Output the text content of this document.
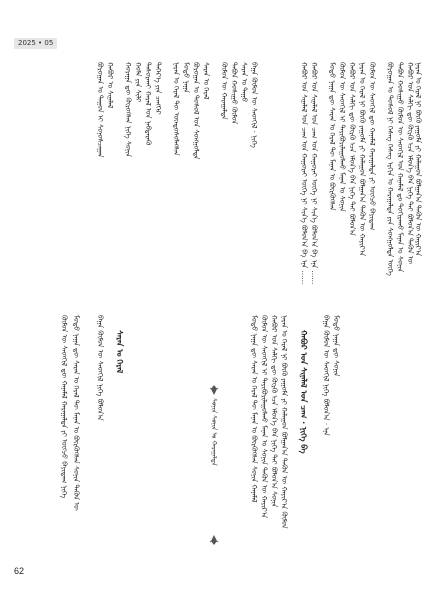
2025 • 05
62
ᠪᠣᠷᠣᠭᠠᠨ ᠤ ᠳᠠᠭᠤᠨ ᠢ ᠰᠣᠨᠣᠰᠴᠠᠭᠠᠨ ᠬᠠᠪᠤᠷ ᠤ ᠰᠢᠨᠡᠯᠡᠯ ᠬᠣᠷᠠᠭᠠ ᠳᠦ ᠬᠦᠷᠦᠭᠰᠡᠨ ᠨᠢᠭᠡ ᠰᠣᠨᠢᠨ ᠬᠣᠯᠠ ᠶᠢᠨ ᠰᠢᠯᠢ ᠲᠠᠰᠤᠷᠬᠠᠢ ᠬᠠᠷᠠᠯ ᠤᠨ ᠨᠡᠪᠲᠡᠷᠡᠬᠦ ᠳᠡᠭᠡᠷ᠎ᠡ ᠶᠢᠨ ᠴᠡᠩᠬᠡᠷ ᠨᠠᠷᠠᠨ ᠤ ᠭᠡᠷᠡᠯ ᠲᠦ ᠦᠨᠳᠦᠰᠦᠯᠡᠭᠰᠡᠨ ᠮᠣᠳᠣ ᠨᠠᠭᠠ ᠪᠣᠷᠣᠭᠠᠨ ᠤ ᠳᠤᠰᠤᠯ ᠤᠨ ᠰᠣᠩᠭᠣᠯᠲᠠ ᠰᠠᠷᠠᠨ ᠤ ᠭᠡᠷᠡᠯ ᠬᠦᠮᠦᠨ ᠦ ᠬᠠᠷᠠᠭᠠᠯᠲᠠ ᠲᠠᠪᠤᠨ ᠬᠣᠰᠢᠭᠤ ᠬᠦᠮᠦᠨ ᠰᠠᠷᠠᠨ ᠤ ᠳᠠᠭᠤ ᠪᠠᠭᠠ ᠬᠦᠮᠦᠨ ᠦ ᠰᠡᠳᠬᠢᠯ · ᠨᠢᠭᠡ	ᠬᠠᠪᠤᠷ ᠤᠨ ᠰᠢᠨᠡᠯᠡᠯ ᠤᠨ ᠴᠠᠭ ᠤᠨ ᠬᠠᠭᠤᠷᠠᠢ ᠦᠭᠡ ᠨᠢ ᠰᠢᠨ᠎ᠡ ᠪᠣᠯᠤᠨ᠎ᠠ ᠪᠠ ᠡᠨᠡ …… ᠬᠠᠪᠤᠷ ᠤᠨ ᠰᠢᠨᠡᠯᠡᠯ ᠤᠨ ᠴᠠᠭ ᠤᠨ ᠬᠠᠭᠤᠷᠠᠢ ᠦᠭᠡ ᠨᠢ ᠰᠢᠨ᠎ᠡ ᠪᠣᠯᠤᠨ᠎ᠠ ᠪᠠ ᠡᠨᠡ …… ᠮᠣᠳᠣ ᠨᠠᠭᠠ ᠳᠦ ᠰᠠᠷᠠᠨ ᠤ ᠭᠡᠷᠡᠯ ᠲᠦ ᠮᠠᠨᠠᠨ ᠤ ᠪᠦᠷᠬᠦᠭᠰᠡᠨ ᠬᠦᠮᠦᠨ ᠦ ᠰᠡᠳᠬᠢᠯ ᠢ ᠲᠠᠶᠢᠪᠤᠷᠢᠯᠠᠭᠤᠯᠬᠤ ᠮᠠᠨᠠᠨ ᠤ ᠰᠣᠨᠢᠨ ᠬᠠᠪᠤᠷ ᠤᠨ ᠰᠠᠯᠬᠢ ᠳᠦ ᠬᠦᠷᠬᠦ ᠡᠴᠡ ᠡᠮᠦᠨ᠎ᠡ ᠪᠠᠨ ᠨᠢᠭᠡ ᠲᠠᠢ ᠪᠣᠯᠤᠨ᠎ᠠ ᠨᠠᠷᠠᠨ ᠤ ᠭᠡᠷᠡᠯ ᠨᠢ ᠪᠦᠬᠦ ᠶᠠᠭᠤᠮᠠ ᠶᠢ ᠬᠠᠯᠠᠭᠤᠨ ᠪᠣᠯᠭᠠᠨ᠎ᠠ ᠲᠡᠭᠦᠨ ᠦ ᠬᠠᠶᠢᠷ᠎ᠠ ᠬᠦᠮᠦᠨ ᠦ ᠰᠡᠳᠬᠢᠯ ᠳᠦ ᠬᠠᠨᠠᠮᠠᠯ ᠬᠠᠷᠠᠭᠠᠯᠲᠠ ᠶᠢ ᠦᠭᠴᠦ ᠪᠠᠶᠢᠳᠠᠭ ᠪᠣᠷᠣᠭᠠᠨ ᠤ ᠳᠤᠰᠤᠯ ᠨᠢ ᠬᠡᠰᠡᠭ ᠬᠡᠰᠡᠭ ᠡᠷᠬᠢᠨ ᠤ ᠬᠠᠷᠠᠭᠠᠯᠲᠠ ᠶᠢᠨ ᠰᠣᠩᠭᠣᠯᠲᠠ ᠦᠭᠡ ᠲᠠᠪᠤᠨ ᠬᠣᠰᠢᠭᠤ ᠬᠦᠮᠦᠨ ᠦ ᠰᠡᠳᠬᠢᠯ ᠤᠨ ᠬᠠᠨᠠᠮᠠᠯ ᠳᠤ ᠲᠣᠬᠢᠷᠠᠬᠤ ᠮᠠᠨᠠᠨ ᠤ ᠰᠣᠨᠢᠨ ᠬᠠᠪᠤᠷ ᠤᠨ ᠰᠠᠯᠬᠢ ᠳᠦ ᠬᠦᠷᠬᠦ ᠡᠴᠡ ᠡᠮᠦᠨ᠎ᠡ ᠪᠠᠨ ᠨᠢᠭᠡ ᠲᠠᠢ ᠪᠣᠯᠤᠨ᠎ᠠ ᠲᠡᠭᠦᠨ ᠦ ᠨᠠᠷᠠᠨ ᠤ ᠭᠡᠷᠡᠯ ᠨᠢ ᠪᠦᠬᠦ ᠶᠠᠭᠤᠮᠠ ᠶᠢ ᠬᠠᠯᠠᠭᠤᠨ ᠪᠣᠯᠭᠠᠨ᠎ᠠ ᠲᠡᠭᠦᠨ ᠦ ᠬᠠᠶᠢᠷ᠎ᠠ
ᠬᠦᠮᠦᠨ ᠦ ᠰᠡᠳᠬᠢᠯ ᠳᠦ ᠬᠠᠨᠠᠮᠠᠯ ᠬᠠᠷᠠᠭᠠᠯᠲᠠ ᠶᠢ ᠦᠭᠴᠦ ᠪᠠᠶᠢᠳᠠᠭ ᠨᠢᠭᠡ ᠮᠣᠳᠣ ᠨᠠᠭᠠ ᠳᠦ ᠰᠠᠷᠠᠨ ᠤ ᠭᠡᠷᠡᠯ ᠲᠦ ᠮᠠᠨᠠᠨ ᠤ ᠪᠦᠷᠬᠦᠭᠰᠡᠨ ᠰᠣᠨᠢᠨ ᠲᠡᠭᠦᠨ ᠦ ᠪᠠᠭᠠ ᠬᠦᠮᠦᠨ ᠦ ᠰᠡᠳᠬᠢᠯ ᠨᠢᠭᠡ ᠪᠣᠯᠤᠨ᠎ᠠ ᠰᠠᠷᠠᠨ ᠤ ᠭᠡᠷᠡᠯ
ᠰᠣᠨᠢᠨ ᠰᠣᠨᠢᠨ ᠤ ᠬᠠᠷᠠᠭᠠᠯᠲᠠ	ᠮᠣᠳᠣ ᠨᠠᠭᠠ ᠳᠦ ᠰᠠᠷᠠᠨ ᠤ ᠭᠡᠷᠡᠯ ᠲᠦ ᠮᠠᠨᠠᠨ ᠤ ᠪᠦᠷᠬᠦᠭᠰᠡᠨ ᠰᠣᠨᠢᠨ ᠬᠠᠨᠠᠮᠠᠯ ᠬᠦᠮᠦᠨ ᠦ ᠰᠡᠳᠬᠢᠯ ᠢ ᠲᠠᠶᠢᠪᠤᠷᠢᠯᠠᠭᠤᠯᠬᠤ ᠮᠠᠨᠠᠨ ᠤ ᠰᠣᠨᠢᠨ ᠲᠡᠭᠦᠨ ᠦ ᠬᠠᠶᠢᠷ᠎ᠠ ᠬᠠᠪᠤᠷ ᠤᠨ ᠰᠠᠯᠬᠢ ᠳᠦ ᠬᠦᠷᠬᠦ ᠡᠴᠡ ᠡᠮᠦᠨ᠎ᠡ ᠪᠠᠨ ᠨᠢᠭᠡ ᠲᠠᠢ ᠪᠣᠯᠤᠨ᠎ᠠ ᠰᠣᠨᠢᠨ ᠨᠠᠷᠠᠨ ᠤ ᠭᠡᠷᠡᠯ ᠨᠢ ᠪᠦᠬᠦ ᠶᠠᠭᠤᠮᠠ ᠶᠢ ᠬᠠᠯᠠᠭᠤᠨ ᠪᠣᠯᠭᠠᠨ᠎ᠠ ᠲᠡᠭᠦᠨ ᠦ ᠬᠠᠶᠢᠷ᠎ᠠ ᠬᠦᠮᠦᠨ ᠬᠠᠪᠤᠷ ᠤᠨ ᠰᠢᠨᠡᠯᠡᠯ ᠤᠨ ᠴᠠᠭ · ᠨᠢᠭᠡ ᠪᠠ ᠪᠠᠭᠠ ᠬᠦᠮᠦᠨ ᠦ ᠰᠡᠳᠬᠢᠯ ᠨᠢᠭᠡ ᠪᠣᠯᠤᠨ᠎ᠠ · ᠡᠨᠡ ᠮᠣᠳᠣ ᠨᠠᠭᠠ ᠳᠦ ᠰᠣᠨᠢᠨ
